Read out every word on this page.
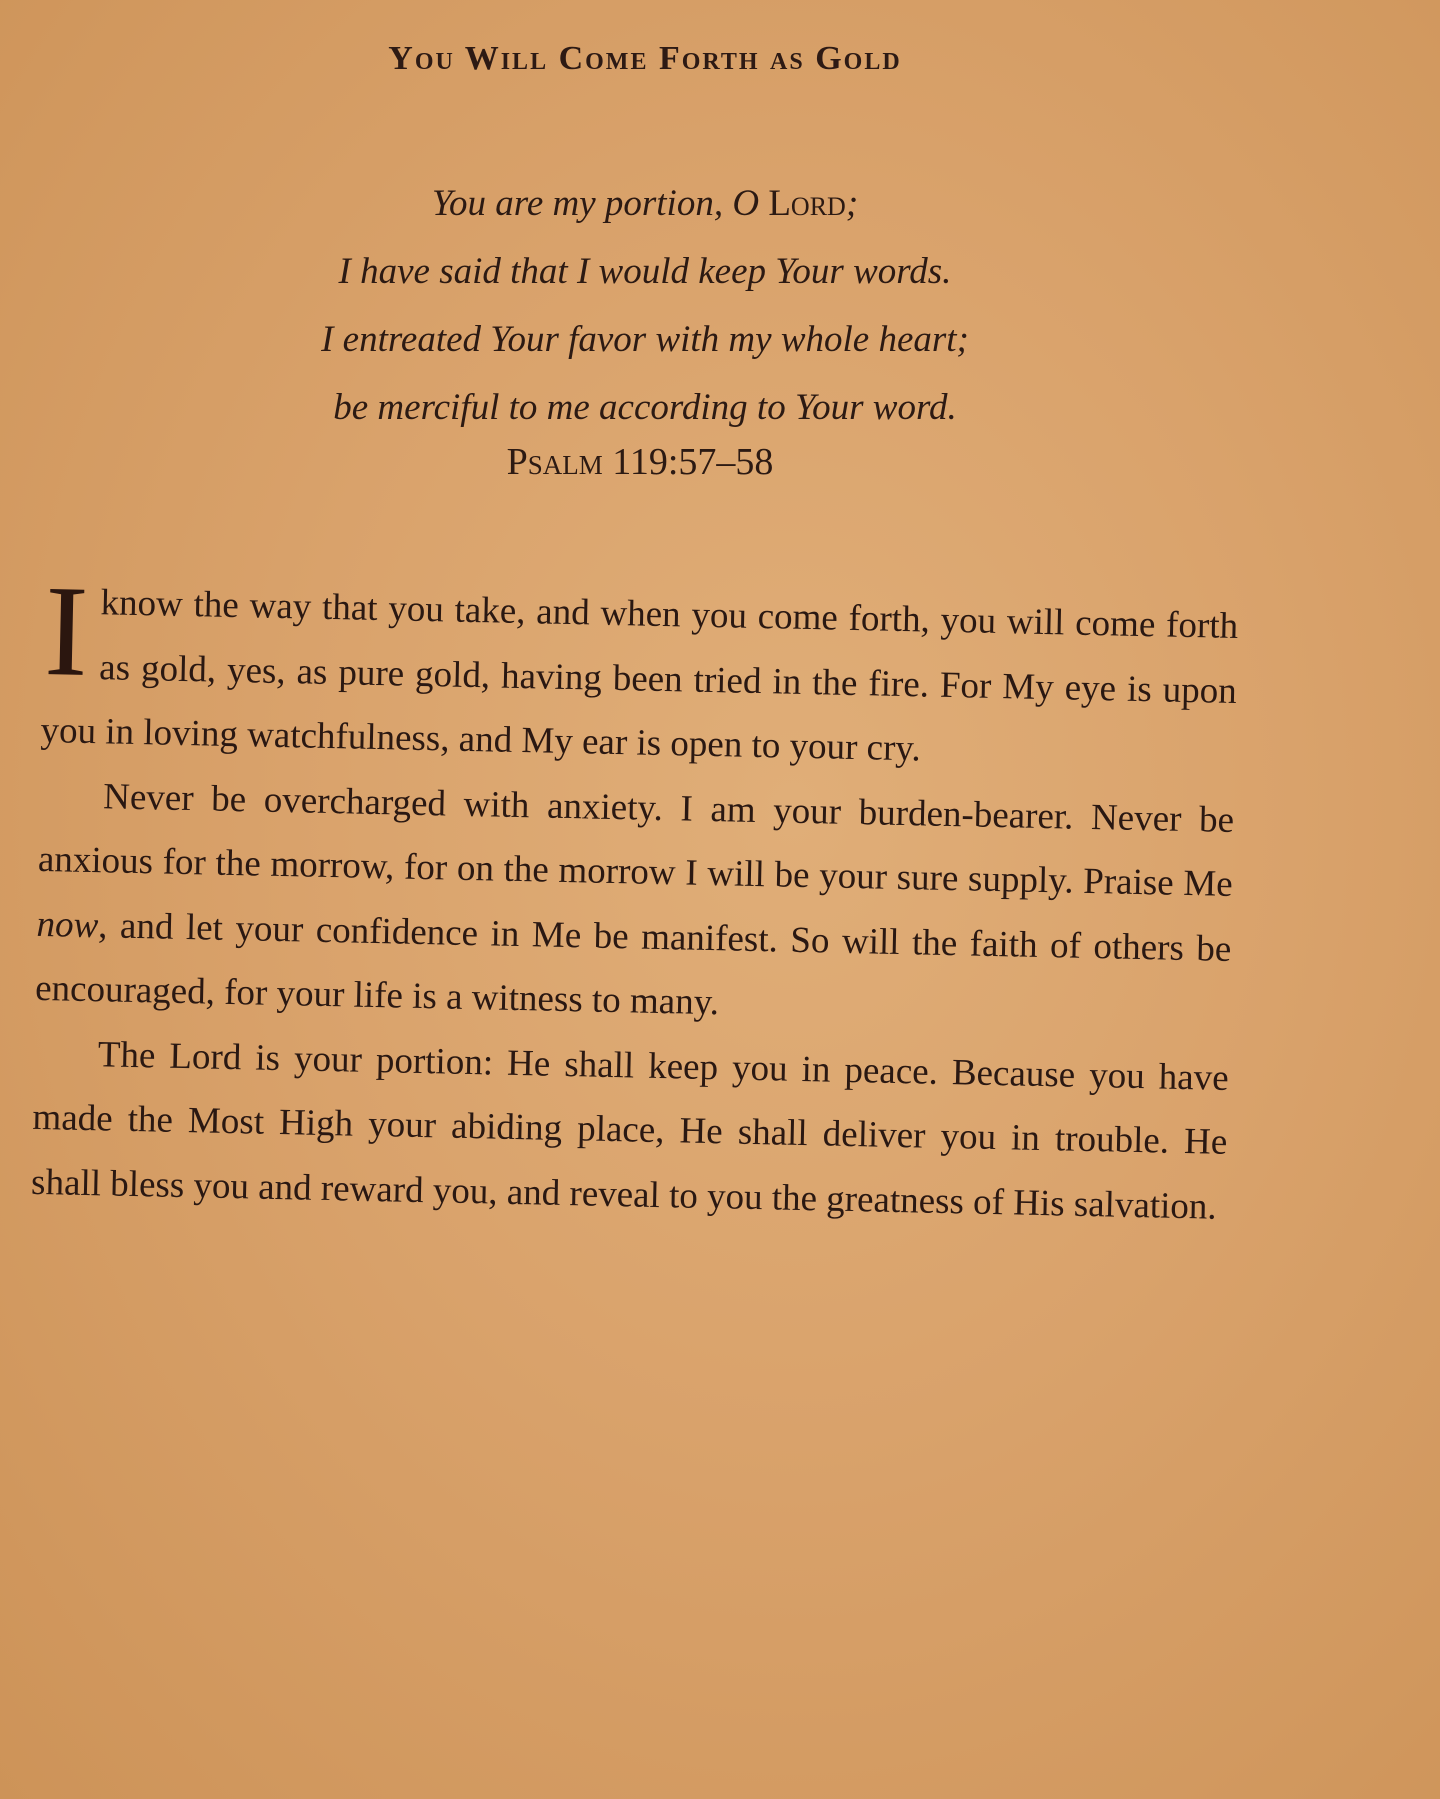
You Will Come Forth as Gold
You are my portion, O Lord;
I have said that I would keep Your words.
I entreated Your favor with my whole heart;
be merciful to me according to Your word.
Psalm 119:57–58

Iknow the way that you take, and when you come forth, you will come forth as gold, yes, as pure gold, having been tried in the fire. For My eye is upon you in loving watchfulness, and My ear is open to your cry.

Never be overcharged with anxiety. I am your burden-bearer. Never be anxious for the morrow, for on the morrow I will be your sure supply. Praise Me now, and let your confidence in Me be manifest. So will the faith of others be encouraged, for your life is a witness to many.

The Lord is your portion: He shall keep you in peace. Because you have made the Most High your abiding place, He shall deliver you in trouble. He shall bless you and reward you, and reveal to you the greatness of His salvation.
